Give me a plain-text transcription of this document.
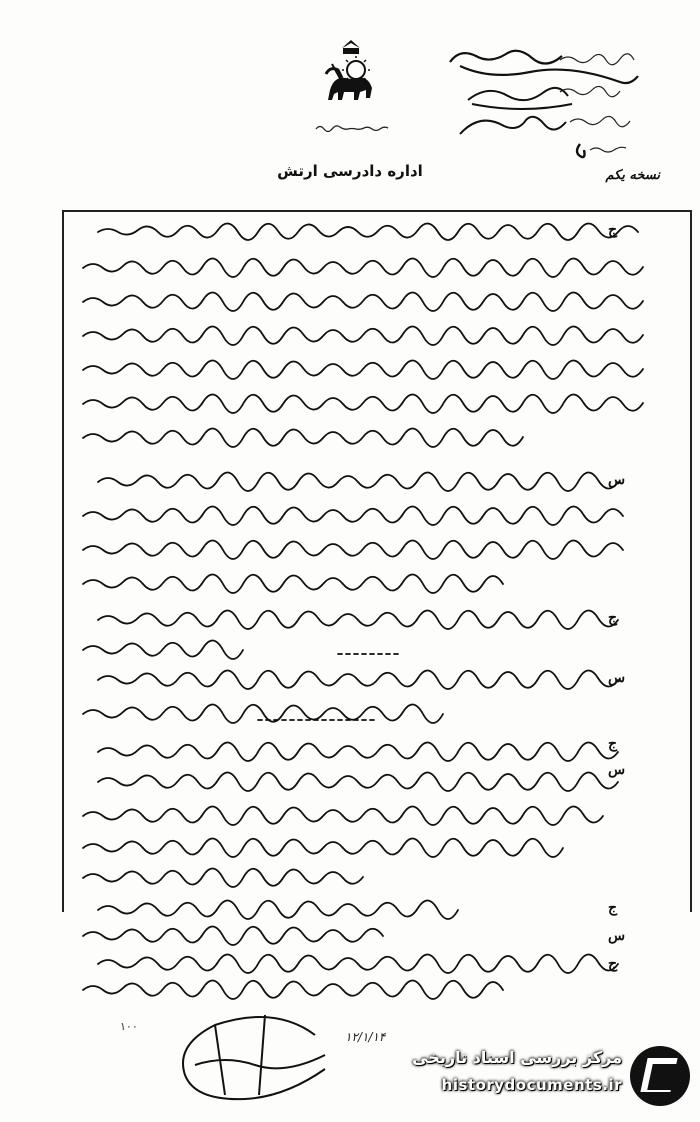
اداره دادرسی ارتش	نسخه یکم
ج
س
ج
س
ج
س
ج
س
ج
۱۲/۱/۱۴
۱۰۰
مرکز بررسی اسناد تاریخی
historydocuments.ir
